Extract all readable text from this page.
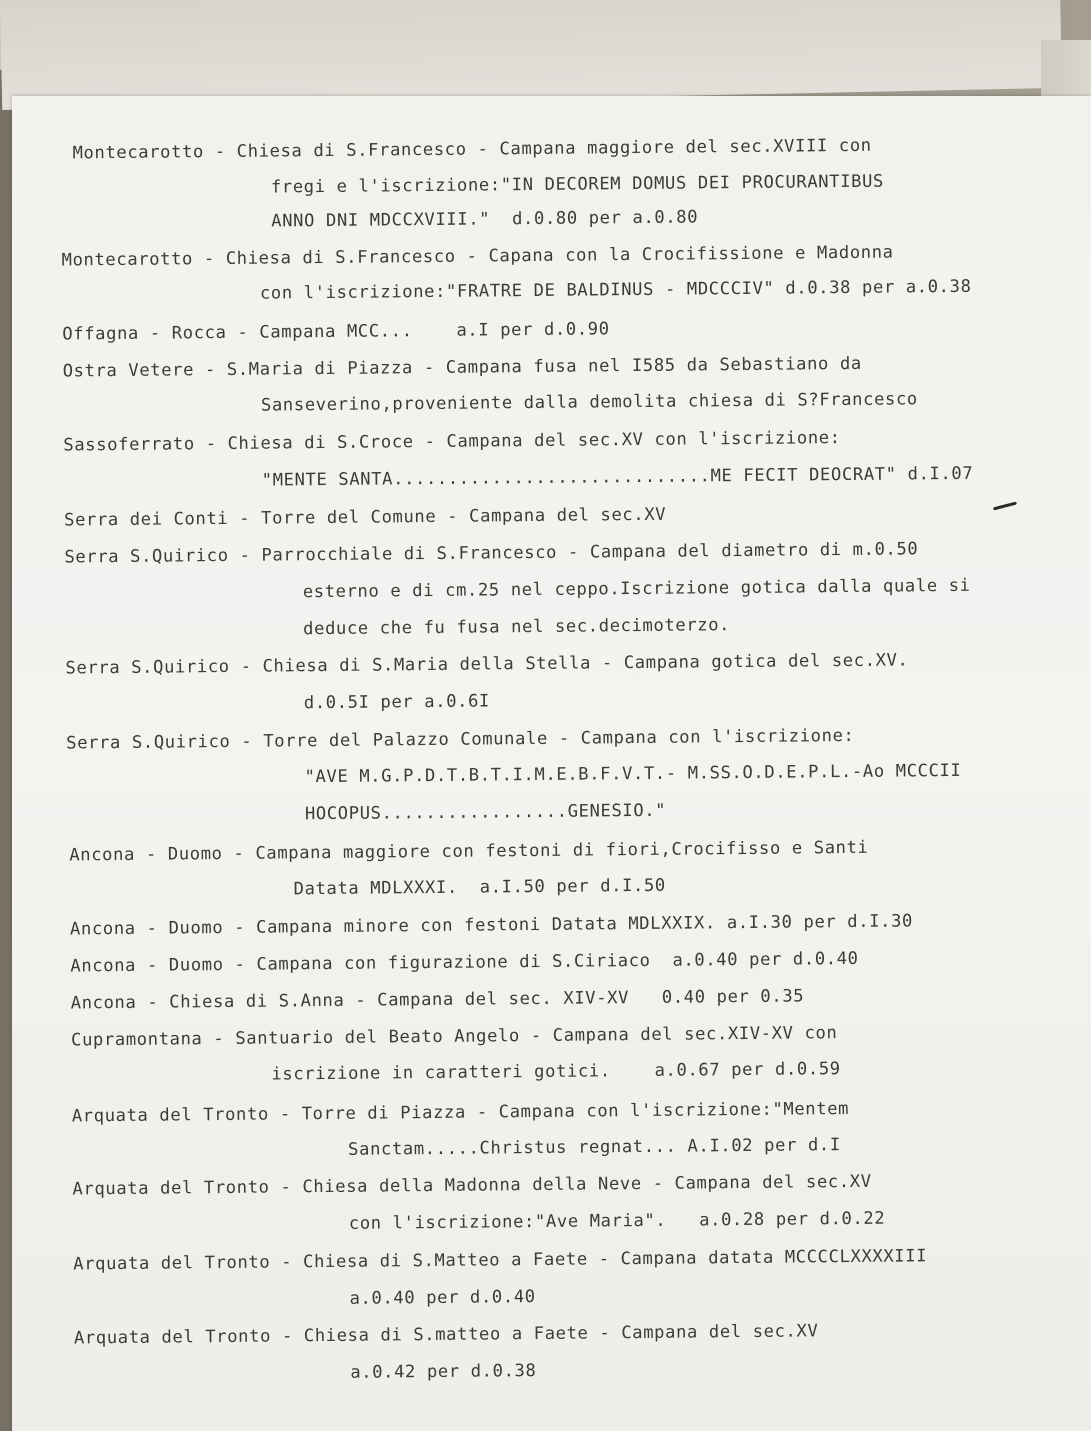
Montecarotto - Chiesa di S.Francesco - Campana maggiore del sec.XVIII con
fregi e l'iscrizione:"IN DECOREM DOMUS DEI PROCURANTIBUS
ANNO DNI MDCCXVIII."  d.0.80 per a.0.80
Montecarotto - Chiesa di S.Francesco - Capana con la Crocifissione e Madonna
con l'iscrizione:"FRATRE DE BALDINUS - MDCCCIV" d.0.38 per a.0.38
Offagna - Rocca - Campana MCC...    a.I per d.0.90
Ostra Vetere - S.Maria di Piazza - Campana fusa nel I585 da Sebastiano da
Sanseverino,proveniente dalla demolita chiesa di S?Francesco
Sassoferrato - Chiesa di S.Croce - Campana del sec.XV con l'iscrizione:
"MENTE SANTA.............................ME FECIT DEOCRAT" d.I.07
Serra dei Conti - Torre del Comune - Campana del sec.XV
Serra S.Quirico - Parrocchiale di S.Francesco - Campana del diametro di m.0.50
esterno e di cm.25 nel ceppo.Iscrizione gotica dalla quale si
deduce che fu fusa nel sec.decimoterzo.
Serra S.Quirico - Chiesa di S.Maria della Stella - Campana gotica del sec.XV.
d.0.5I per a.0.6I
Serra S.Quirico - Torre del Palazzo Comunale - Campana con l'iscrizione:
"AVE M.G.P.D.T.B.T.I.M.E.B.F.V.T.- M.SS.O.D.E.P.L.-Ao MCCCII
HOCOPUS.................GENESIO."
Ancona - Duomo - Campana maggiore con festoni di fiori,Crocifisso e Santi
Datata MDLXXXI.  a.I.50 per d.I.50
Ancona - Duomo - Campana minore con festoni Datata MDLXXIX. a.I.30 per d.I.30
Ancona - Duomo - Campana con figurazione di S.Ciriaco  a.0.40 per d.0.40
Ancona - Chiesa di S.Anna - Campana del sec. XIV-XV   0.40 per 0.35
Cupramontana - Santuario del Beato Angelo - Campana del sec.XIV-XV con
iscrizione in caratteri gotici.    a.0.67 per d.0.59
Arquata del Tronto - Torre di Piazza - Campana con l'iscrizione:"Mentem
Sanctam.....Christus regnat... A.I.02 per d.I
Arquata del Tronto - Chiesa della Madonna della Neve - Campana del sec.XV
con l'iscrizione:"Ave Maria".   a.0.28 per d.0.22
Arquata del Tronto - Chiesa di S.Matteo a Faete - Campana datata MCCCCLXXXXIII
a.0.40 per d.0.40
Arquata del Tronto - Chiesa di S.matteo a Faete - Campana del sec.XV
a.0.42 per d.0.38
